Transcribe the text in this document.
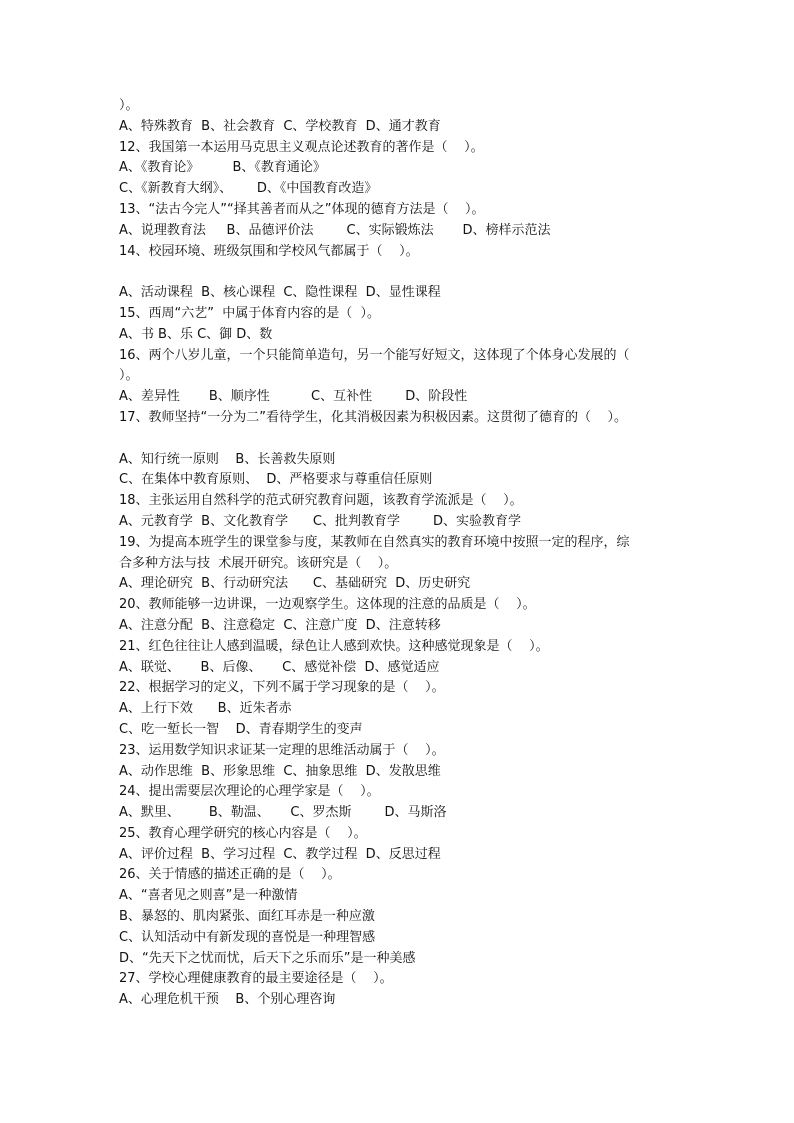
）。
A、特殊教育  B、社会教育  C、学校教育  D、通才教育
12、我国第一本运用马克思主义观点论述教育的著作是（    ）。
A、《教育论》        B、《教育通论》
C、《新教育大纲》、      D、《中国教育改造》
13、“法古今完人”“择其善者而从之”体现的德育方法是（    ）。
A、说理教育法     B、品德评价法        C、实际锻炼法       D、榜样示范法
14、校园环境、班级氛围和学校风气都属于（    ）。
A、活动课程  B、核心课程  C、隐性课程  D、显性课程
15、西周“六艺”  中属于体育内容的是（  ）。
A、书 B、乐 C、御 D、数
16、两个八岁儿童，一个只能简单造句，另一个能写好短文，这体现了个体身心发展的（
）。
A、差异性       B、顺序性          C、互补性        D、阶段性
17、教师坚持“一分为二”看待学生，化其消极因素为积极因素。这贯彻了德育的（    ）。
A、知行统一原则    B、长善救失原则
C、在集体中教育原则、  D、严格要求与尊重信任原则
18、主张运用自然科学的范式研究教育问题，该教育学流派是（    ）。
A、元教育学  B、文化教育学      C、批判教育学        D、实验教育学
19、为提高本班学生的课堂参与度，某教师在自然真实的教育环境中按照一定的程序，综
合多种方法与技  术展开研究。该研究是（    ）。
A、理论研究  B、行动研究法      C、基础研究  D、历史研究
20、教师能够一边讲课，一边观察学生。这体现的注意的品质是（    ）。
A、注意分配  B、注意稳定  C、注意广度  D、注意转移
21、红色往往让人感到温暖，绿色让人感到欢快。这种感觉现象是（    ）。
A、联觉、     B、后像、     C、感觉补偿  D、感觉适应
22、根据学习的定义，下列不属于学习现象的是（    ）。
A、上行下效      B、近朱者赤
C、吃一堑长一智    D、青春期学生的变声
23、运用数学知识求证某一定理的思维活动属于（    ）。
A、动作思维  B、形象思维  C、抽象思维  D、发散思维
24、提出需要层次理论的心理学家是（    ）。
A、默里、       B、勒温、     C、罗杰斯        D、马斯洛
25、教育心理学研究的核心内容是（    ）。
A、评价过程  B、学习过程  C、教学过程  D、反思过程
26、关于情感的描述正确的是（    ）。
A、“喜者见之则喜”是一种激情
B、暴怒的、肌肉紧张、面红耳赤是一种应激
C、认知活动中有新发现的喜悦是一种理智感
D、“先天下之忧而忧，后天下之乐而乐”是一种美感
27、学校心理健康教育的最主要途径是（    ）。
A、心理危机干预    B、个别心理咨询
